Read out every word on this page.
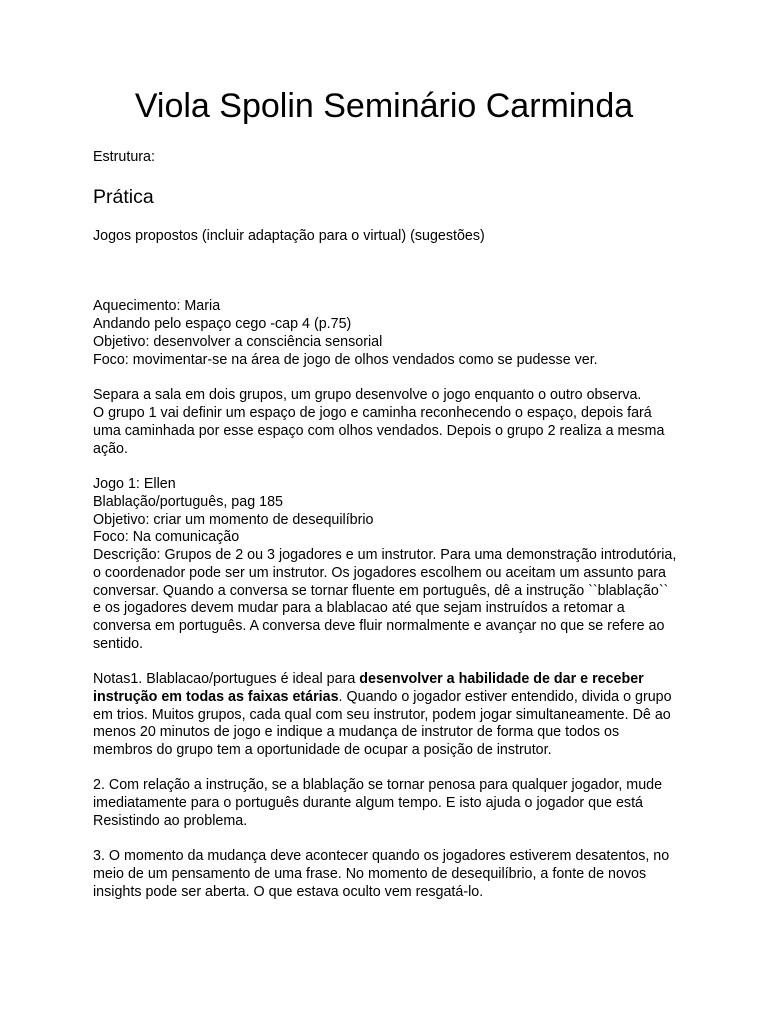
Viola Spolin Seminário Carminda

Estrutura:

Prática

Jogos propostos (incluir adaptação para o virtual) (sugestões)

Aquecimento: Maria

Andando pelo espaço cego -cap 4 (p.75)

Objetivo: desenvolver a consciência sensorial

Foco: movimentar-se na área de jogo de olhos vendados como se pudesse ver.

Separa a sala em dois grupos, um grupo desenvolve o jogo enquanto o outro observa.

O grupo 1 vai definir um espaço de jogo e caminha reconhecendo o espaço, depois fará

uma caminhada por esse espaço com olhos vendados. Depois o grupo 2 realiza a mesma

ação.

Jogo 1: Ellen

Blablação/português, pag 185

Objetivo: criar um momento de desequilíbrio

Foco: Na comunicação

Descrição: Grupos de 2 ou 3 jogadores e um instrutor. Para uma demonstração introdutória,

o coordenador pode ser um instrutor. Os jogadores escolhem ou aceitam um assunto para

conversar. Quando a conversa se tornar fluente em português, dê a instrução ``blablação``

e os jogadores devem mudar para a blablacao até que sejam instruídos a retomar a

conversa em português. A conversa deve fluir normalmente e avançar no que se refere ao

sentido.

Notas1. Blablacao/portugues é ideal para desenvolver a habilidade de dar e receber

instrução em todas as faixas etárias. Quando o jogador estiver entendido, divida o grupo

em trios. Muitos grupos, cada qual com seu instrutor, podem jogar simultaneamente. Dê ao

menos 20 minutos de jogo e indique a mudança de instrutor de forma que todos os

membros do grupo tem a oportunidade de ocupar a posição de instrutor.

2. Com relação a instrução, se a blablação se tornar penosa para qualquer jogador, mude

imediatamente para o português durante algum tempo. E isto ajuda o jogador que está

Resistindo ao problema.

3. O momento da mudança deve acontecer quando os jogadores estiverem desatentos, no

meio de um pensamento de uma frase. No momento de desequilíbrio, a fonte de novos

insights pode ser aberta. O que estava oculto vem resgatá-lo.
